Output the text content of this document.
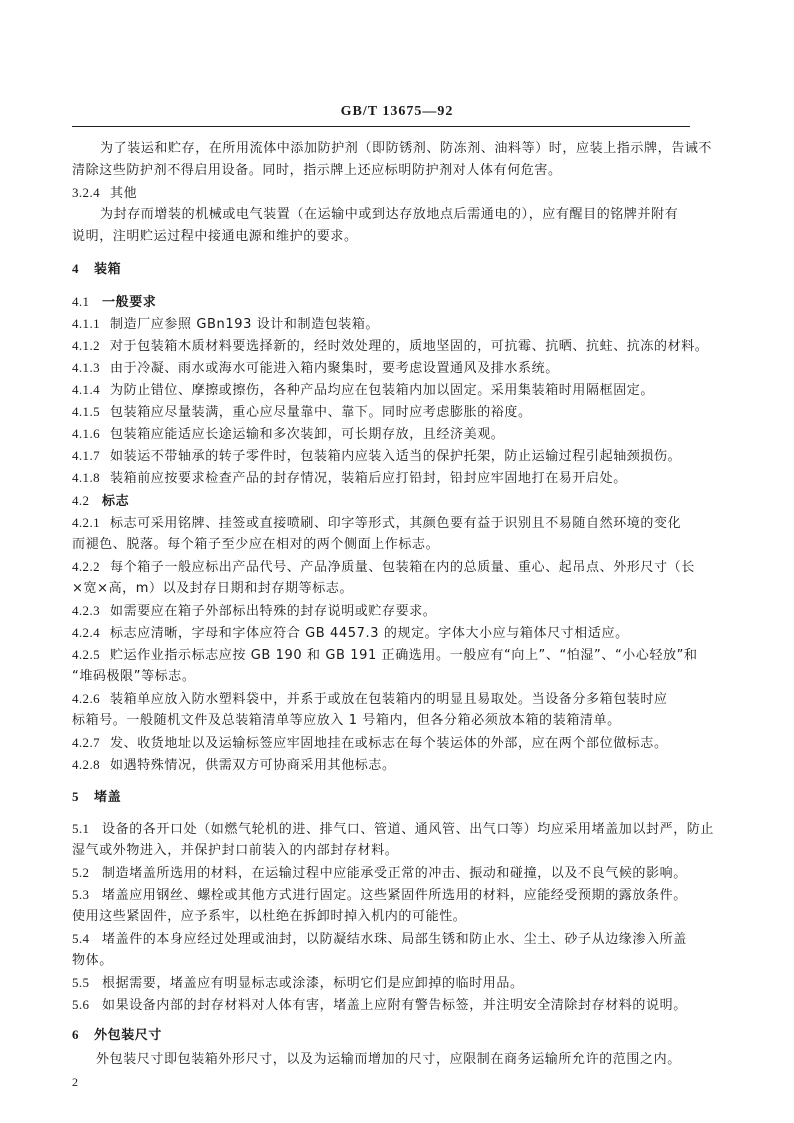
GB/T 13675—92
为了装运和贮存，在所用流体中添加防护剂（即防锈剂、防冻剂、油料等）时，应装上指示牌，告诫不
清除这些防护剂不得启用设备。同时，指示牌上还应标明防护剂对人体有何危害。
3.2.4 其他
为封存而增装的机械或电气装置（在运输中或到达存放地点后需通电的），应有醒目的铭牌并附有
说明，注明贮运过程中接通电源和维护的要求。
4 装箱
4.1 一般要求
4.1.1 制造厂应参照 GBn193 设计和制造包装箱。
4.1.2 对于包装箱木质材料要选择新的，经时效处理的，质地坚固的，可抗霉、抗晒、抗蛀、抗冻的材料。
4.1.3 由于冷凝、雨水或海水可能进入箱内聚集时，要考虑设置通风及排水系统。
4.1.4 为防止错位、摩擦或擦伤，各种产品均应在包装箱内加以固定。采用集装箱时用隔框固定。
4.1.5 包装箱应尽量装满，重心应尽量靠中、靠下。同时应考虑膨胀的裕度。
4.1.6 包装箱应能适应长途运输和多次装卸，可长期存放，且经济美观。
4.1.7 如装运不带轴承的转子零件时，包装箱内应装入适当的保护托架，防止运输过程引起轴颈损伤。
4.1.8 装箱前应按要求检查产品的封存情况，装箱后应打铅封，铅封应牢固地打在易开启处。
4.2 标志
4.2.1 标志可采用铭牌、挂签或直接喷刷、印字等形式，其颜色要有益于识别且不易随自然环境的变化
而褪色、脱落。每个箱子至少应在相对的两个侧面上作标志。
4.2.2 每个箱子一般应标出产品代号、产品净质量、包装箱在内的总质量、重心、起吊点、外形尺寸（长
×宽×高，m）以及封存日期和封存期等标志。
4.2.3 如需要应在箱子外部标出特殊的封存说明或贮存要求。
4.2.4 标志应清晰，字母和字体应符合 GB 4457.3 的规定。字体大小应与箱体尺寸相适应。
4.2.5 贮运作业指示标志应按 GB 190 和 GB 191 正确选用。一般应有“向上”、“怕湿”、“小心轻放”和
“堆码极限”等标志。
4.2.6 装箱单应放入防水塑料袋中，并系于或放在包装箱内的明显且易取处。当设备分多箱包装时应
标箱号。一般随机文件及总装箱清单等应放入 1 号箱内，但各分箱必须放本箱的装箱清单。
4.2.7 发、收货地址以及运输标签应牢固地挂在或标志在每个装运体的外部，应在两个部位做标志。
4.2.8 如遇特殊情况，供需双方可协商采用其他标志。
5 堵盖
5.1 设备的各开口处（如燃气轮机的进、排气口、管道、通风管、出气口等）均应采用堵盖加以封严，防止
湿气或外物进入，并保护封口前装入的内部封存材料。
5.2 制造堵盖所选用的材料，在运输过程中应能承受正常的冲击、振动和碰撞，以及不良气候的影响。
5.3 堵盖应用钢丝、螺栓或其他方式进行固定。这些紧固件所选用的材料，应能经受预期的露放条件。
使用这些紧固件，应予系牢，以杜绝在拆卸时掉入机内的可能性。
5.4 堵盖件的本身应经过处理或油封，以防凝结水珠、局部生锈和防止水、尘土、砂子从边缘渗入所盖
物体。
5.5 根据需要，堵盖应有明显标志或涂漆，标明它们是应卸掉的临时用品。
5.6 如果设备内部的封存材料对人体有害，堵盖上应附有警告标签，并注明安全清除封存材料的说明。
6 外包装尺寸
外包装尺寸即包装箱外形尺寸，以及为运输而增加的尺寸，应限制在商务运输所允许的范围之内。
2
